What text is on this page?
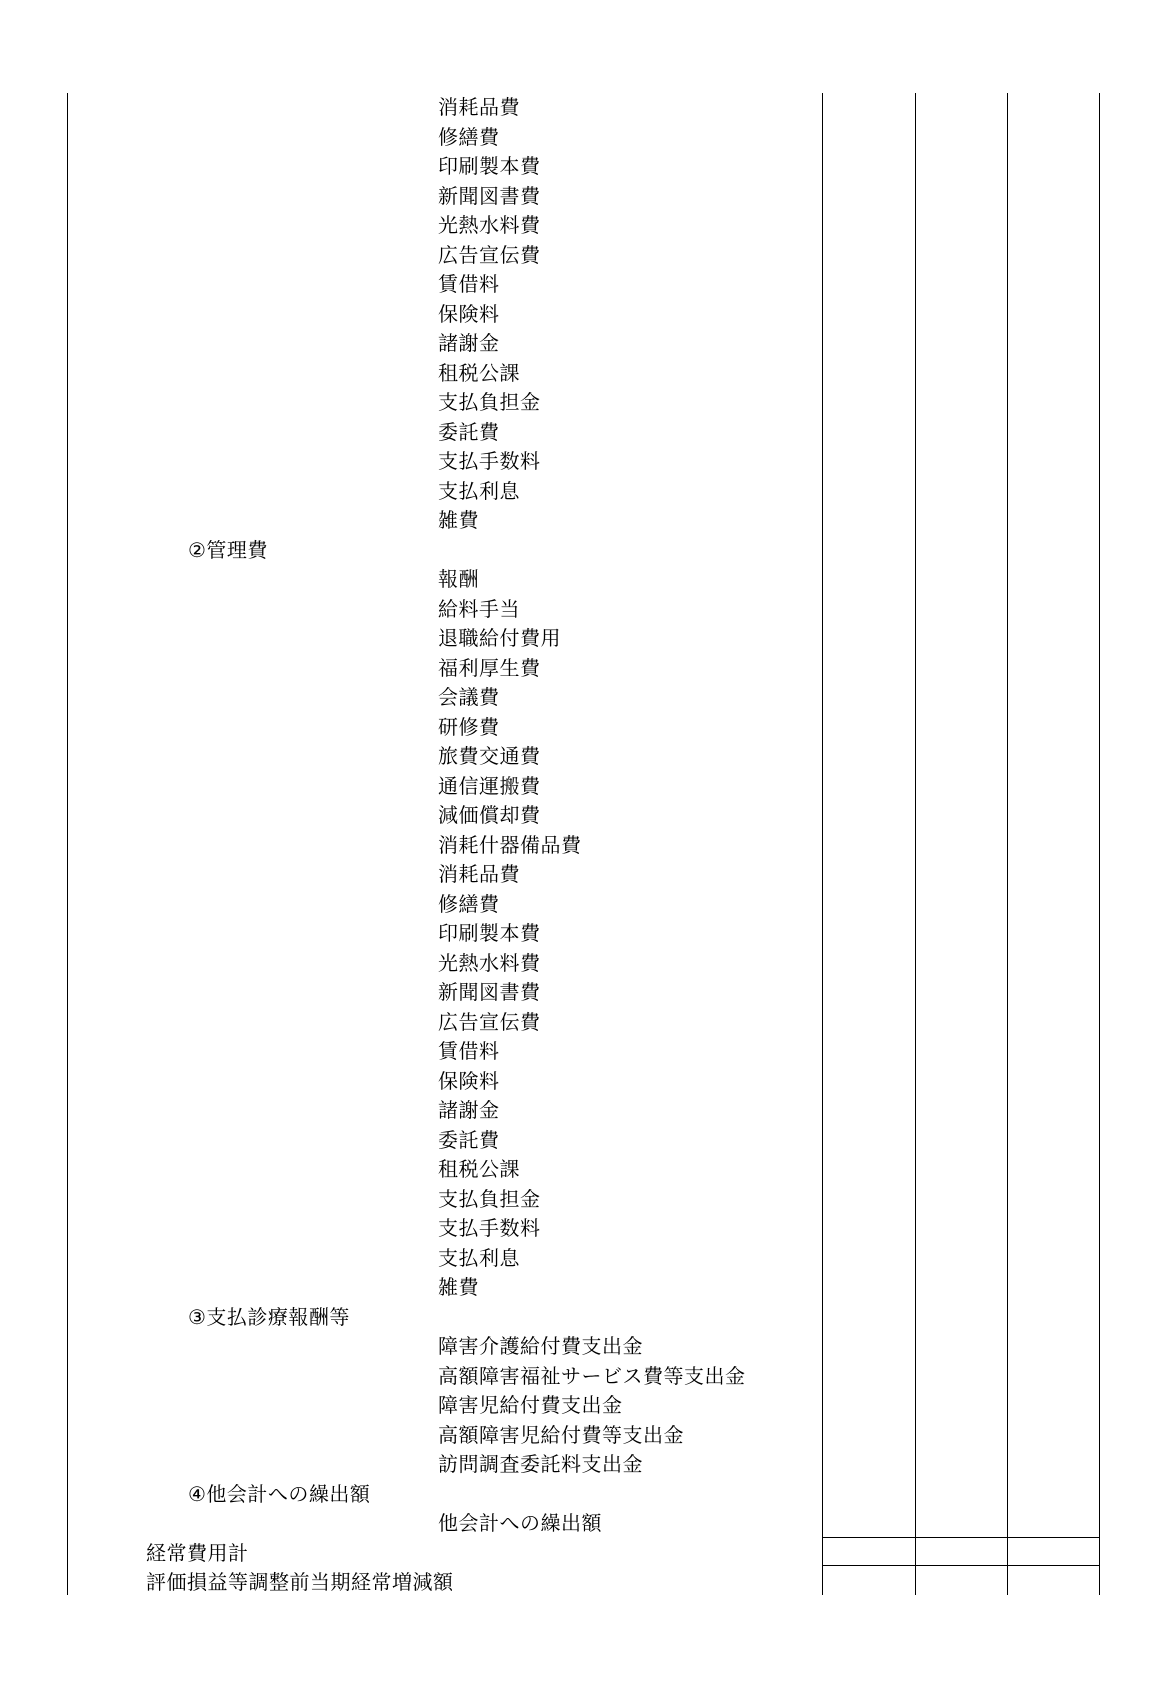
消耗品費
修繕費
印刷製本費
新聞図書費
光熱水料費
広告宣伝費
賃借料
保険料
諸謝金
租税公課
支払負担金
委託費
支払手数料
支払利息
雑費
②管理費
報酬
給料手当
退職給付費用
福利厚生費
会議費
研修費
旅費交通費
通信運搬費
減価償却費
消耗什器備品費
消耗品費
修繕費
印刷製本費
光熱水料費
新聞図書費
広告宣伝費
賃借料
保険料
諸謝金
委託費
租税公課
支払負担金
支払手数料
支払利息
雑費
③支払診療報酬等
障害介護給付費支出金
高額障害福祉サービス費等支出金
障害児給付費支出金
高額障害児給付費等支出金
訪問調査委託料支出金
④他会計への繰出額
他会計への繰出額
経常費用計
評価損益等調整前当期経常増減額
